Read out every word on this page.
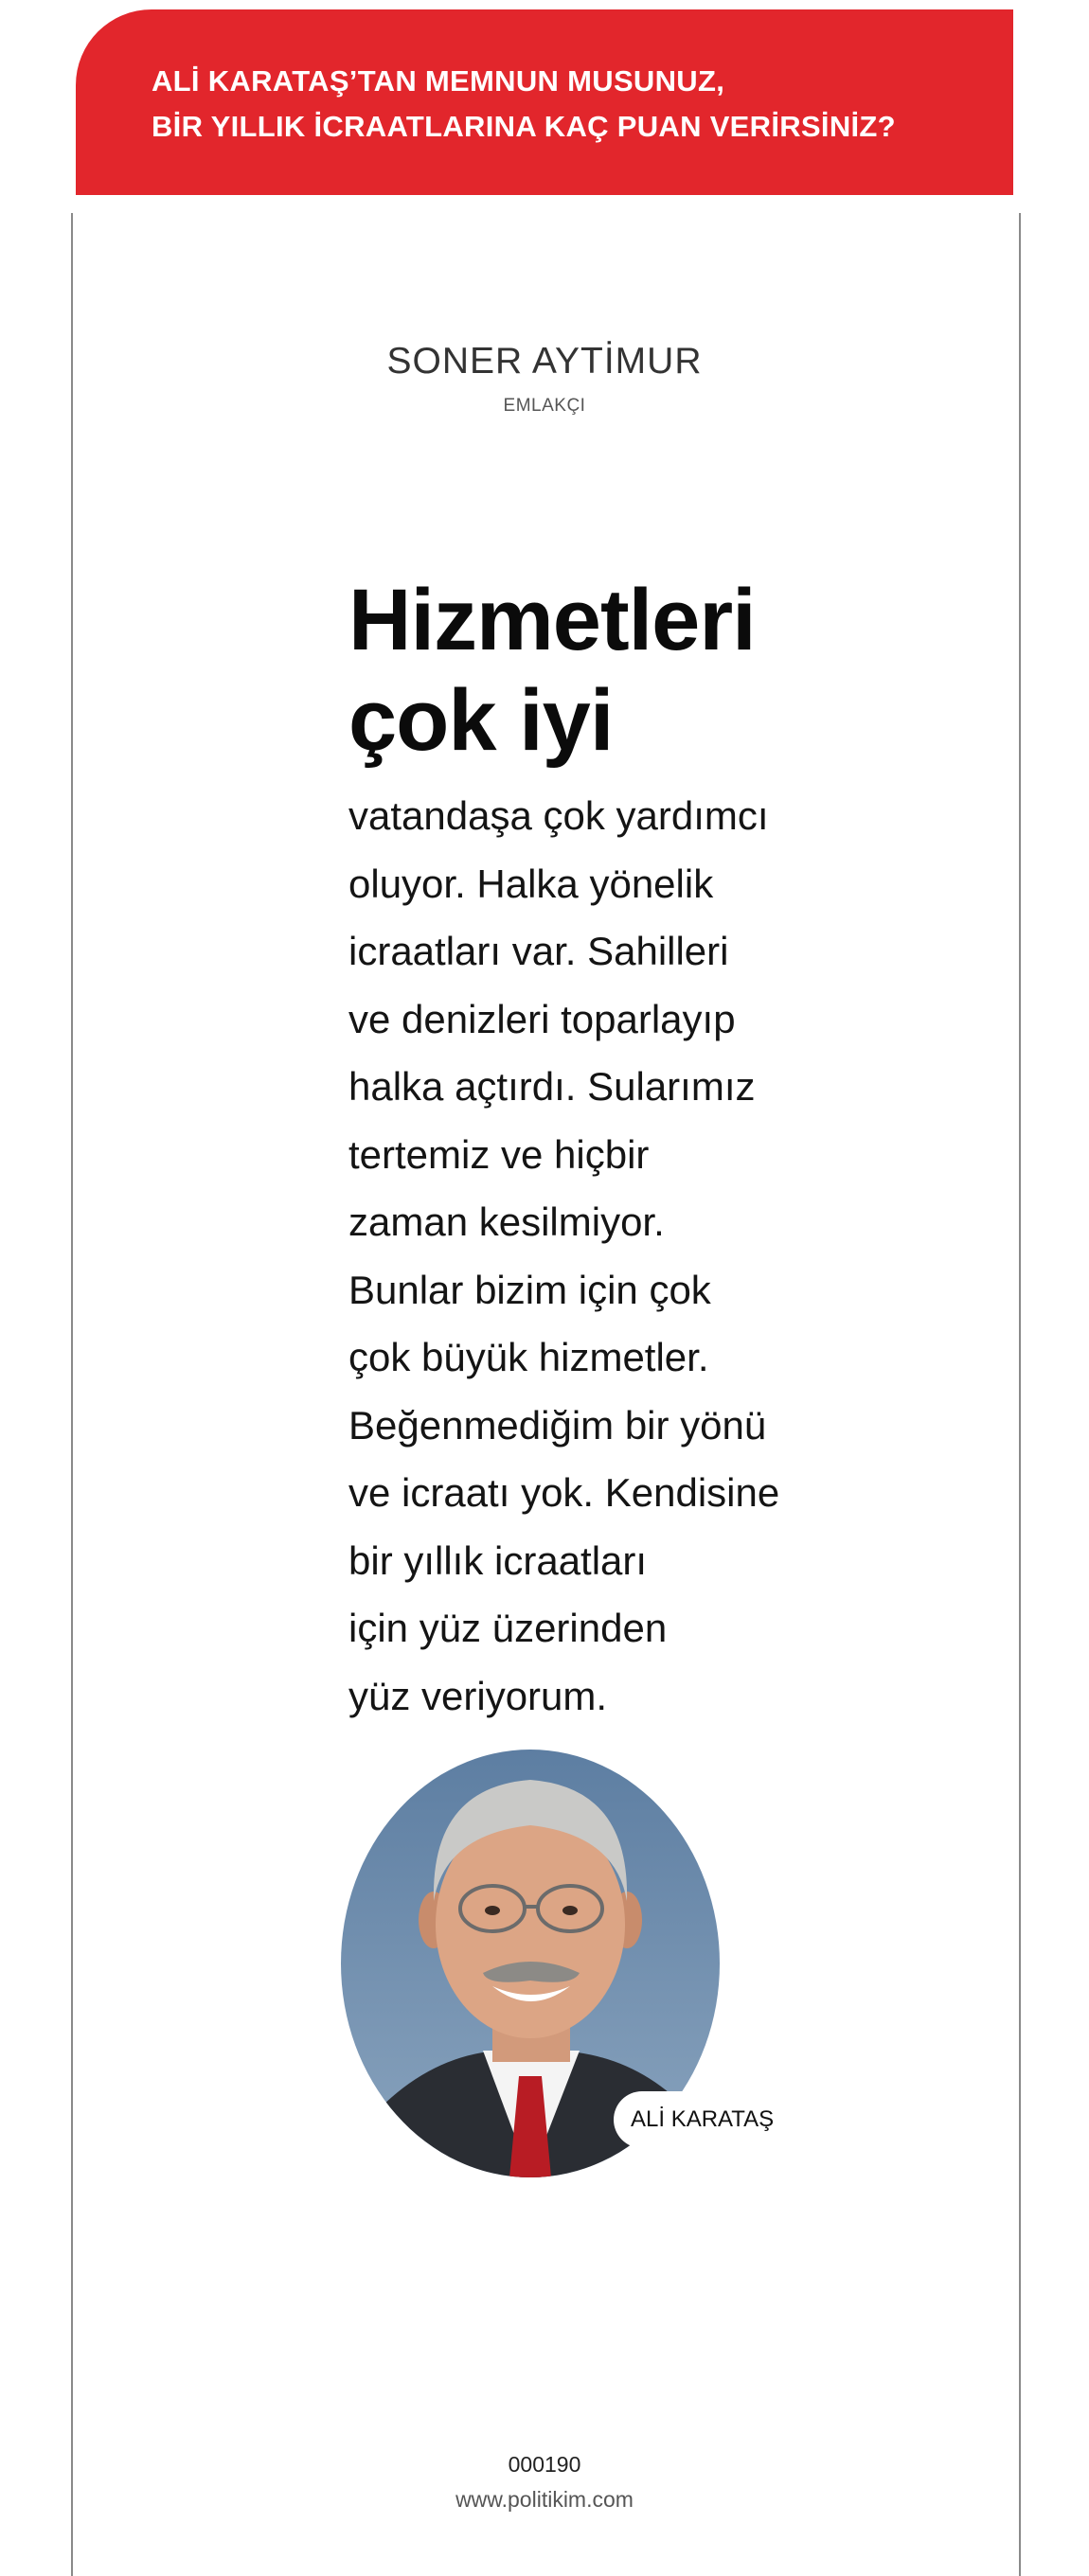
ALİ KARATAŞ’TAN MEMNUN MUSUNUZ,
BİR YILLIK İCRAATLARINA KAÇ PUAN VERİRSİNİZ?
SONER AYTİMUR
EMLAKÇI
Hizmetleri
çok iyi
vatandaşa çok yardımcı
oluyor. Halka yönelik
icraatları var. Sahilleri
ve denizleri toparlayıp
halka açtırdı. Sularımız
tertemiz ve hiçbir
zaman kesilmiyor.
Bunlar bizim için çok
çok büyük hizmetler.
Beğenmediğim bir yönü
ve icraatı yok. Kendisine
bir yıllık icraatları
için yüz üzerinden
yüz veriyorum.
ALİ KARATAŞ
000190
www.politikim.com
